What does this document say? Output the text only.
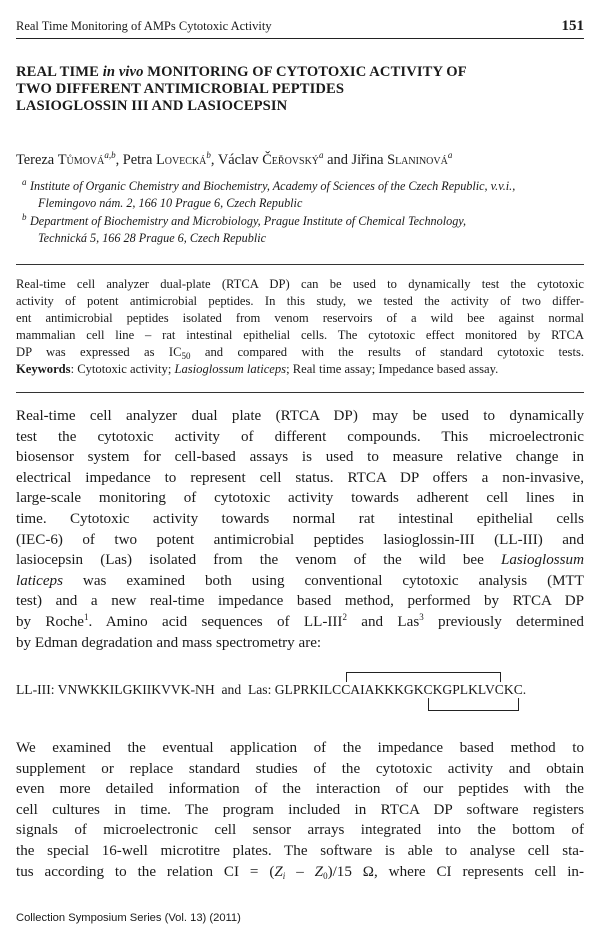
Real Time Monitoring of AMPs Cytotoxic Activity	151
REAL TIME in vivo MONITORING OF CYTOTOXIC ACTIVITY OF
TWO DIFFERENT ANTIMICROBIAL PEPTIDES
LASIOGLOSSIN III AND LASIOCEPSIN
Tereza Tůmová$^{a,b}$, Petra Lovecká$^b$, Václav Čeřovský$^a$ and Jiřina Slaninová$^a$
a Institute of Organic Chemistry and Biochemistry, Academy of Sciences of the Czech Republic, v.v.i.,

Flemingovo nám. 2, 166 10 Prague 6, Czech Republic
b Department of Biochemistry and Microbiology, Prague Institute of Chemical Technology,

Technická 5, 166 28 Prague 6, Czech Republic
Real-time cell analyzer dual-plate (RTCA DP) can be used to dynamically test the cytotoxic
activity of potent antimicrobial peptides. In this study, we tested the activity of two differ-
ent antimicrobial peptides isolated from venom reservoirs of a wild bee against normal
mammalian cell line – rat intestinal epithelial cells. The cytotoxic effect monitored by RTCA
DP was expressed as $IC_{50}$ and compared with the results of standard cytotoxic tests.
Keywords: Cytotoxic activity; Lasioglossum laticeps; Real time assay; Impedance based assay.
Real-time cell analyzer dual plate (RTCA DP) may be used to dynamically
test the cytotoxic activity of different compounds. This microelectronic
biosensor system for cell-based assays is used to measure relative change in
electrical impedance to represent cell status. RTCA DP offers a non-invasive,
large-scale monitoring of cytotoxic activity towards adherent cell lines in
time. Cytotoxic activity towards normal rat intestinal epithelial cells
(IEC-6) of two potent antimicrobial peptides lasioglossin-III (LL-III) and
lasiocepsin (Las) isolated from the venom of the wild bee Lasioglossum
laticeps was examined both using conventional cytotoxic analysis (MTT
test) and a new real-time impedance based method, performed by RTCA DP
by Roche$^1$. Amino acid sequences of LL-III$^2$ and Las$^3$ previously determined
by Edman degradation and mass spectrometry are:
LL-III: VNWKKILGKIIKVVK-NH  and  Las: GLPRKILCCAIAKKKGKCKGPLKLVCKC.
We examined the eventual application of the impedance based method to
supplement or replace standard studies of the cytotoxic activity and obtain
even more detailed information of the interaction of our peptides with the
cell cultures in time. The program included in RTCA DP software registers
signals of microelectronic cell sensor arrays integrated into the bottom of
the special 16-well microtitre plates. The software is able to analyse cell sta-
tus according to the relation CI = $(Z_i - Z_0)/15$ Ω, where CI represents cell in-
Collection Symposium Series (Vol. 13) (2011)
